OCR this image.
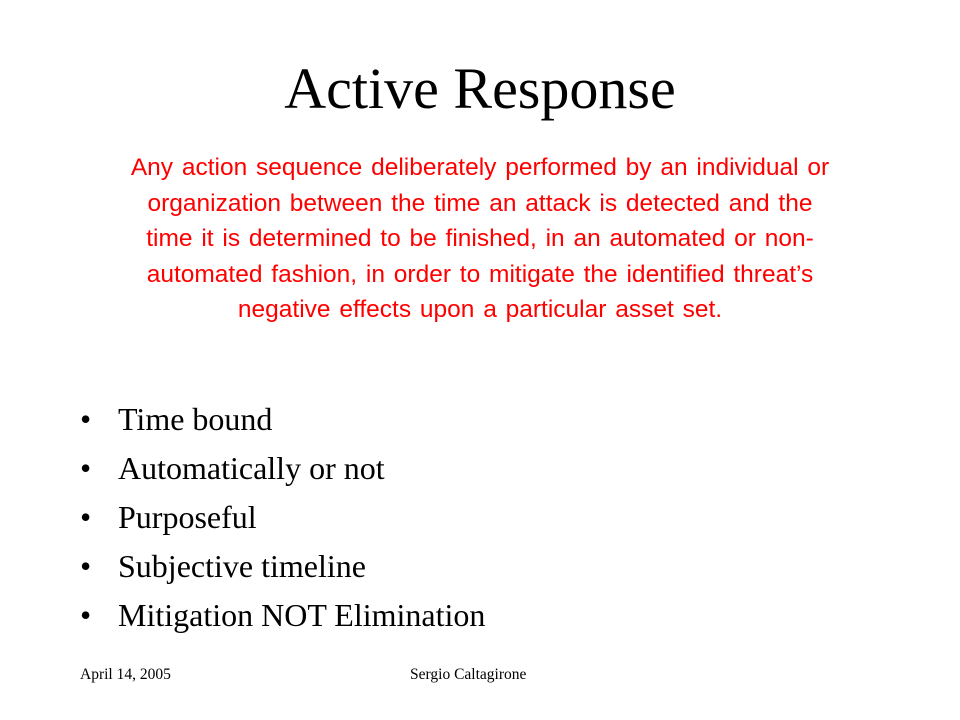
Active Response

Any action sequence deliberately performed by an individual or organization between the time an attack is detected and the time it is determined to be finished, in an automated or non-automated fashion, in order to mitigate the identified threat’s negative effects upon a particular asset set.

• Time bound
• Automatically or not
• Purposeful
• Subjective timeline
• Mitigation NOT Elimination
April 14, 2005	Sergio Caltagirone
